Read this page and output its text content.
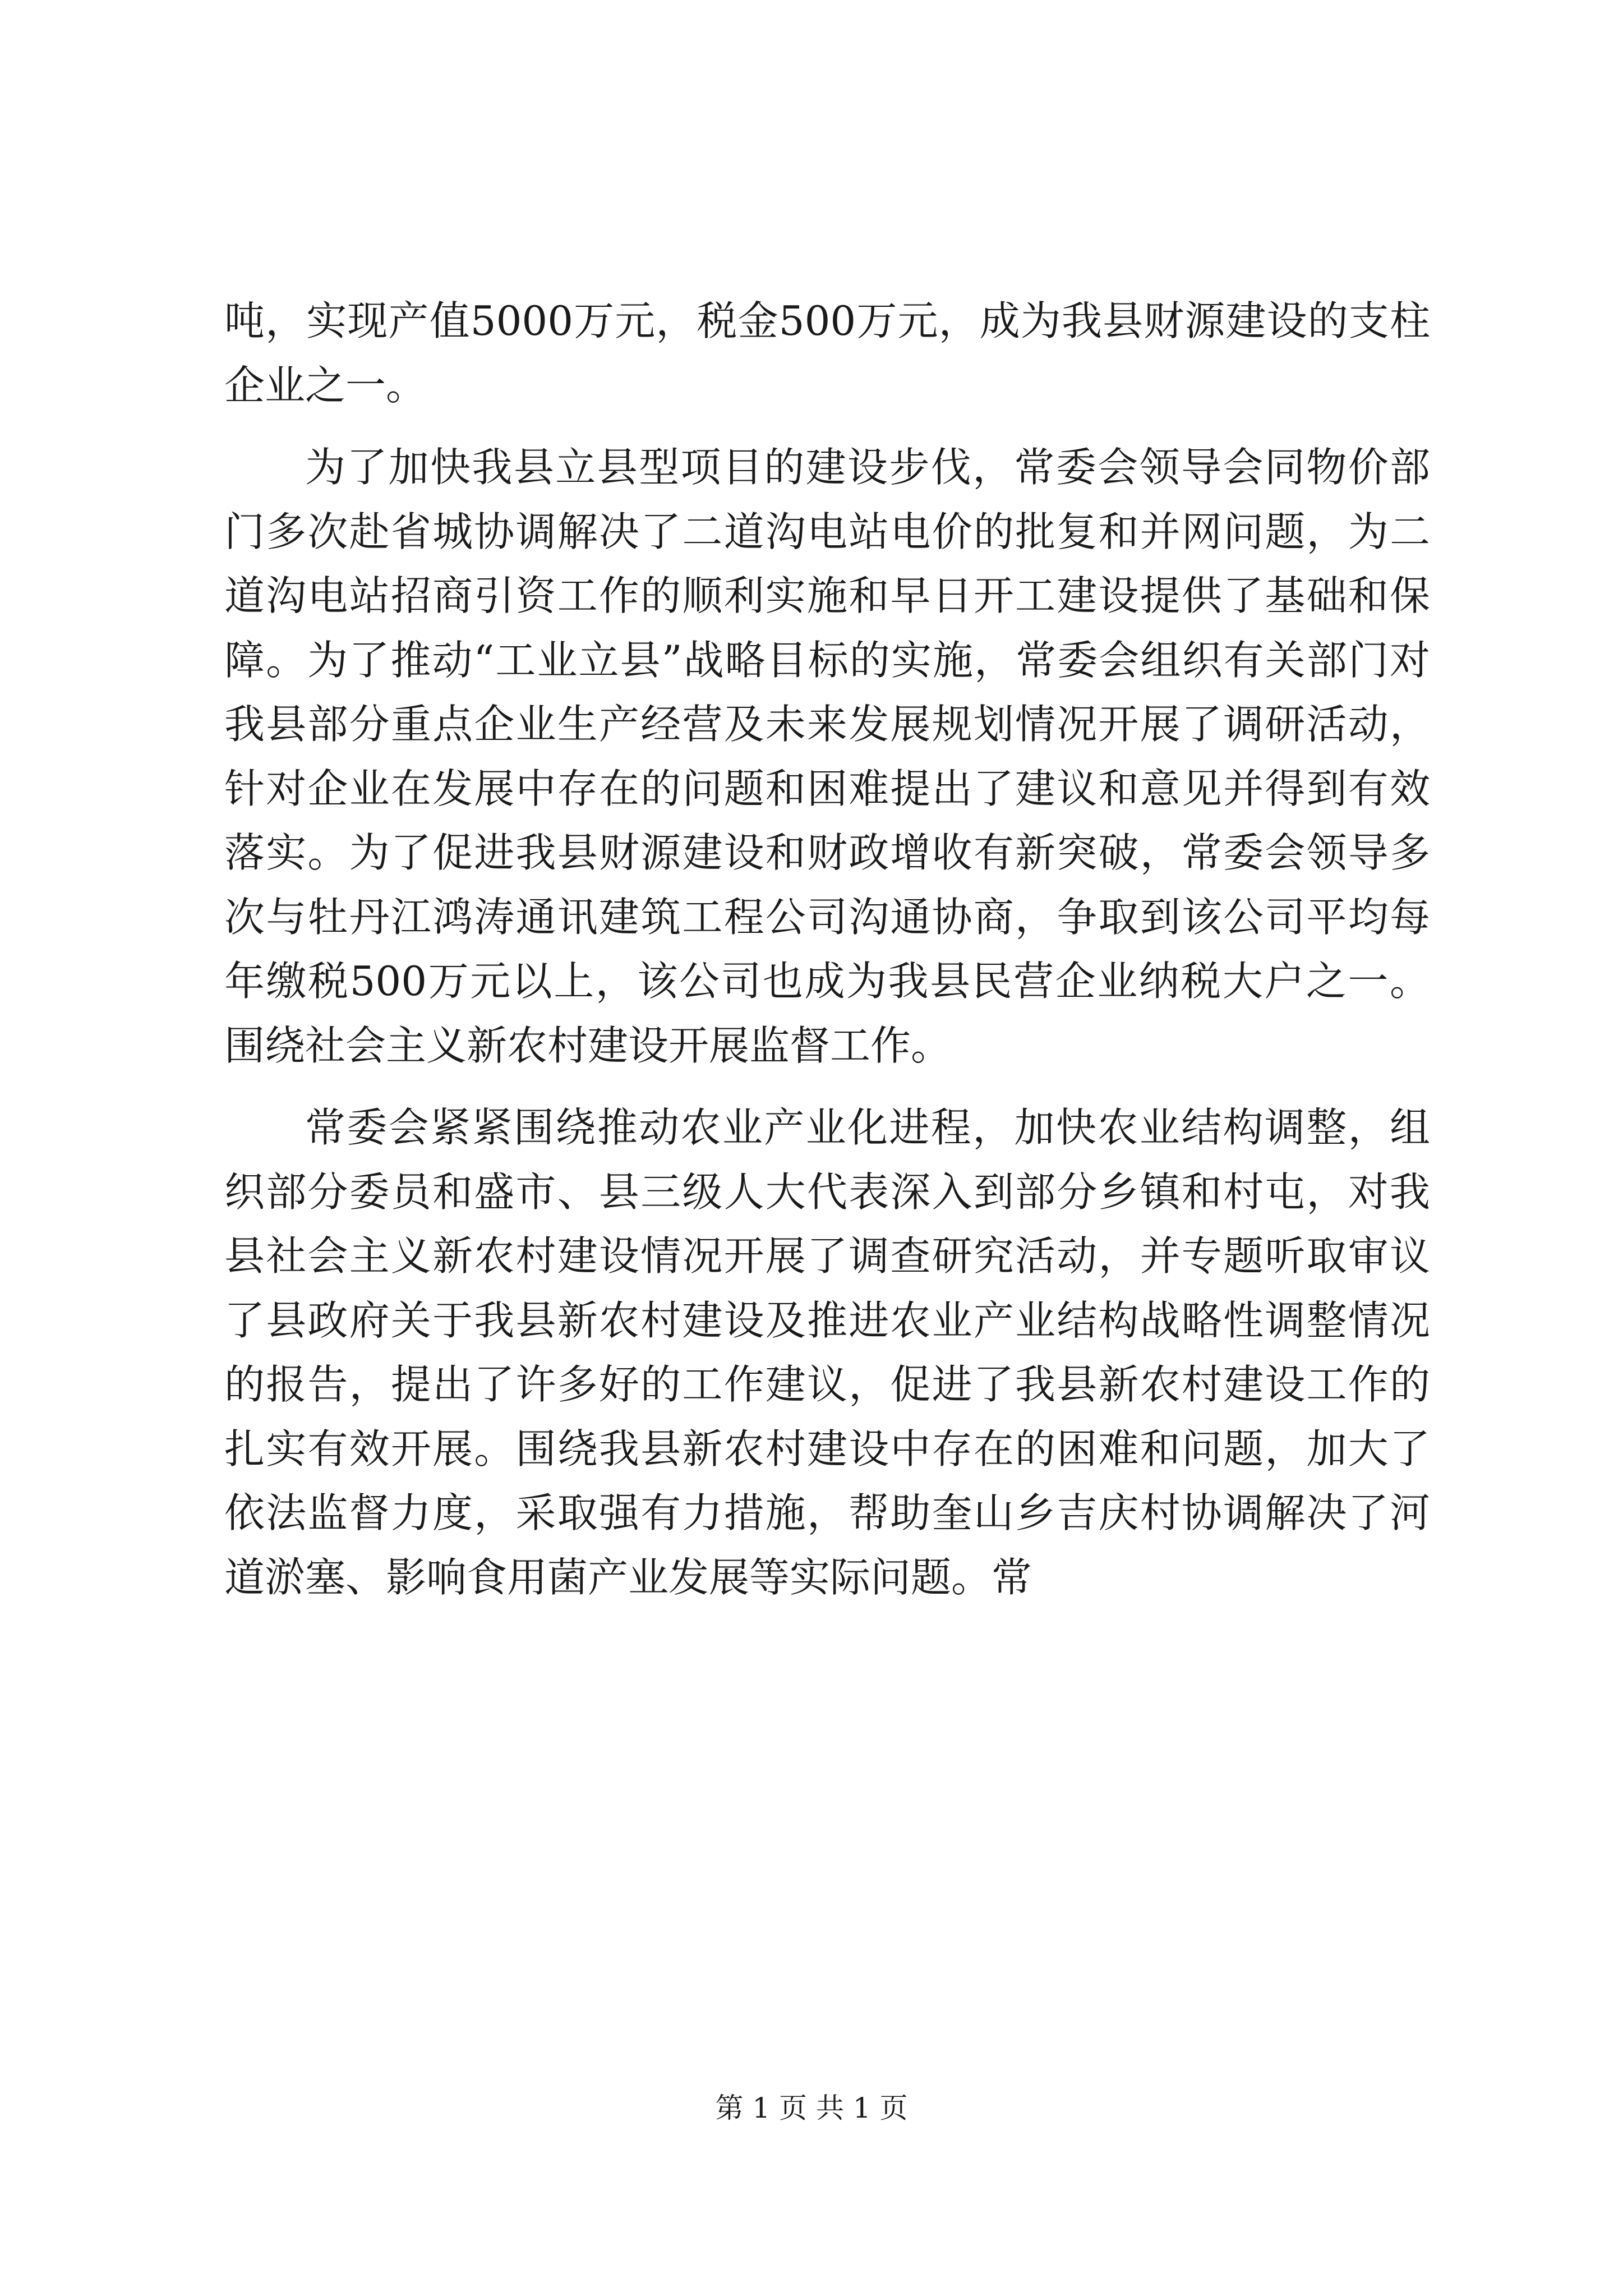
吨，实现产值5000万元，税金500万元，成为我县财源建设的支柱企业之一。

为了加快我县立县型项目的建设步伐，常委会领导会同物价部门多次赴省城协调解决了二道沟电站电价的批复和并网问题，为二道沟电站招商引资工作的顺利实施和早日开工建设提供了基础和保障。为了推动“工业立县”战略目标的实施，常委会组织有关部门对我县部分重点企业生产经营及未来发展规划情况开展了调研活动，针对企业在发展中存在的问题和困难提出了建议和意见并得到有效落实。为了促进我县财源建设和财政增收有新突破，常委会领导多次与牡丹江鸿涛通讯建筑工程公司沟通协商，争取到该公司平均每年缴税500万元以上，该公司也成为我县民营企业纳税大户之一。围绕社会主义新农村建设开展监督工作。

常委会紧紧围绕推动农业产业化进程，加快农业结构调整，组织部分委员和盛市、县三级人大代表深入到部分乡镇和村屯，对我县社会主义新农村建设情况开展了调查研究活动，并专题听取审议了县政府关于我县新农村建设及推进农业产业结构战略性调整情况的报告，提出了许多好的工作建议，促进了我县新农村建设工作的扎实有效开展。围绕我县新农村建设中存在的困难和问题，加大了依法监督力度，采取强有力措施，帮助奎山乡吉庆村协调解决了河道淤塞、影响食用菌产业发展等实际问题。常

第 1 页 共 1 页
